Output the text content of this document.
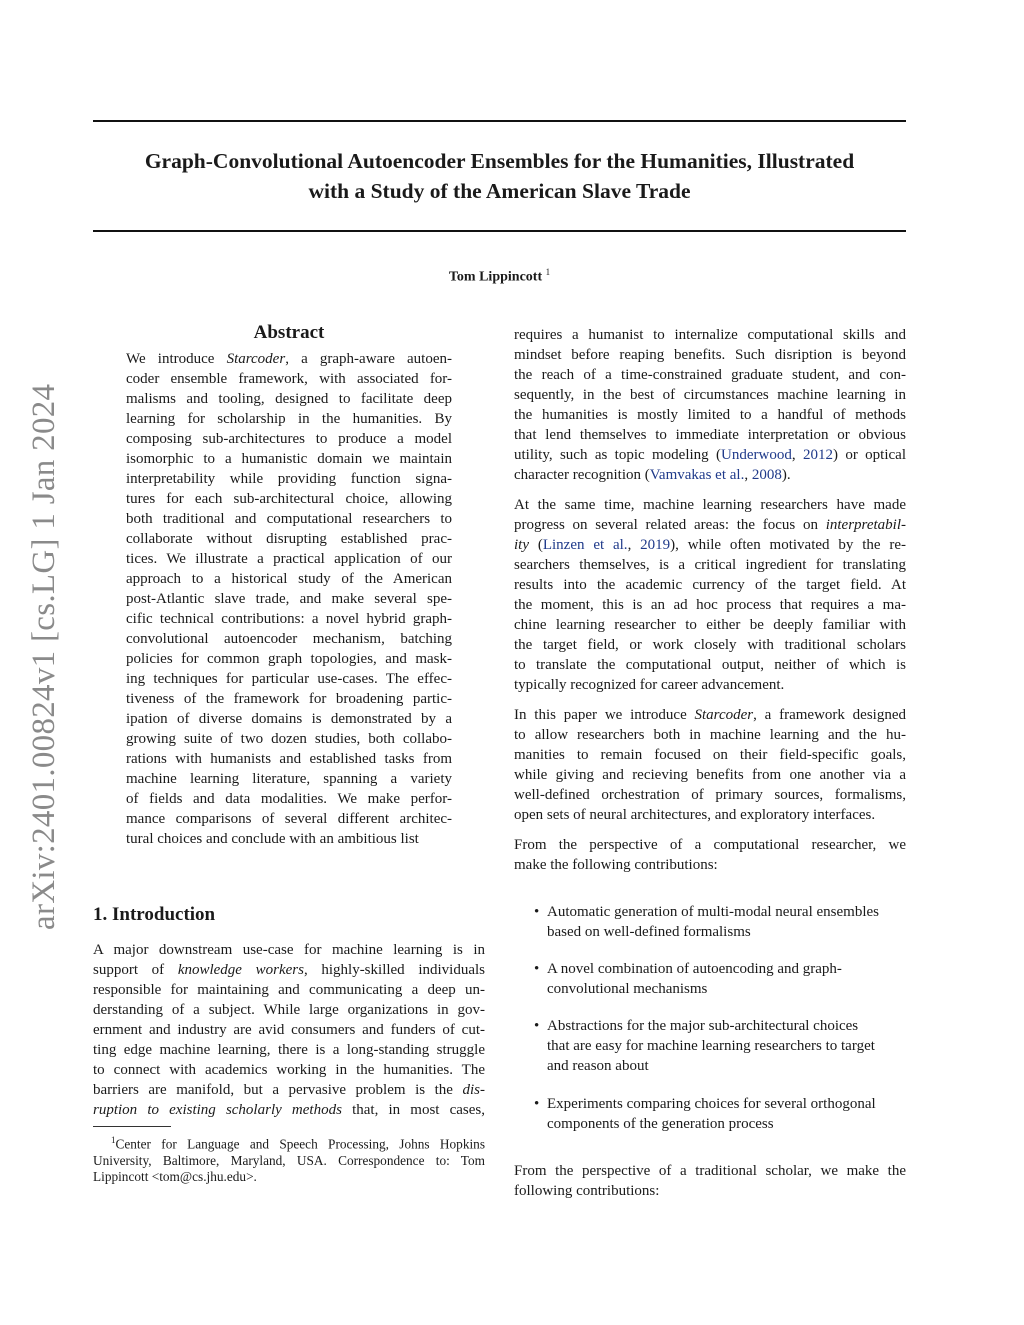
Graph-Convolutional Autoencoder Ensembles for the Humanities, Illustrated
with a Study of the American Slave Trade
Tom Lippincott $^1$
arXiv:2401.00824v1 [cs.LG] 1 Jan 2024
Abstract
We introduce Starcoder, a graph-aware autoen-
coder ensemble framework, with associated for-
malisms and tooling, designed to facilitate deep
learning for scholarship in the humanities. By
composing sub-architectures to produce a model
isomorphic to a humanistic domain we maintain
interpretability while providing function signa-
tures for each sub-architectural choice, allowing
both traditional and computational researchers to
collaborate without disrupting established prac-
tices. We illustrate a practical application of our
approach to a historical study of the American
post-Atlantic slave trade, and make several spe-
cific technical contributions: a novel hybrid graph-
convolutional autoencoder mechanism, batching
policies for common graph topologies, and mask-
ing techniques for particular use-cases. The effec-
tiveness of the framework for broadening partic-
ipation of diverse domains is demonstrated by a
growing suite of two dozen studies, both collabo-
rations with humanists and established tasks from
machine learning literature, spanning a variety
of fields and data modalities. We make perfor-
mance comparisons of several different architec-
tural choices and conclude with an ambitious list
1. Introduction
A major downstream use-case for machine learning is in
support of knowledge workers, highly-skilled individuals
responsible for maintaining and communicating a deep un-
derstanding of a subject. While large organizations in gov-
ernment and industry are avid consumers and funders of cut-
ting edge machine learning, there is a long-standing struggle
to connect with academics working in the humanities. The
barriers are manifold, but a pervasive problem is the dis-
ruption to existing scholarly methods that, in most cases,
$^1$Center for Language and Speech Processing, Johns Hopkins
University, Baltimore, Maryland, USA. Correspondence to: Tom
Lippincott <tom@cs.jhu.edu>.
requires a humanist to internalize computational skills and
mindset before reaping benefits. Such disription is beyond
the reach of a time-constrained graduate student, and con-
sequently, in the best of circumstances machine learning in
the humanities is mostly limited to a handful of methods
that lend themselves to immediate interpretation or obvious
utility, such as topic modeling (Underwood, 2012) or optical
character recognition (Vamvakas et al., 2008).
At the same time, machine learning researchers have made
progress on several related areas: the focus on interpretabil-
ity (Linzen et al., 2019), while often motivated by the re-
searchers themselves, is a critical ingredient for translating
results into the academic currency of the target field. At
the moment, this is an ad hoc process that requires a ma-
chine learning researcher to either be deeply familiar with
the target field, or work closely with traditional scholars
to translate the computational output, neither of which is
typically recognized for career advancement.
In this paper we introduce Starcoder, a framework designed
to allow researchers both in machine learning and the hu-
manities to remain focused on their field-specific goals,
while giving and recieving benefits from one another via a
well-defined orchestration of primary sources, formalisms,
open sets of neural architectures, and exploratory interfaces.
From the perspective of a computational researcher, we
make the following contributions:
• Automatic generation of multi-modal neural ensembles
based on well-defined formalisms
• A novel combination of autoencoding and graph-
convolutional mechanisms
• Abstractions for the major sub-architectural choices
that are easy for machine learning researchers to target
and reason about
• Experiments comparing choices for several orthogonal
components of the generation process
From the perspective of a traditional scholar, we make the
following contributions:
